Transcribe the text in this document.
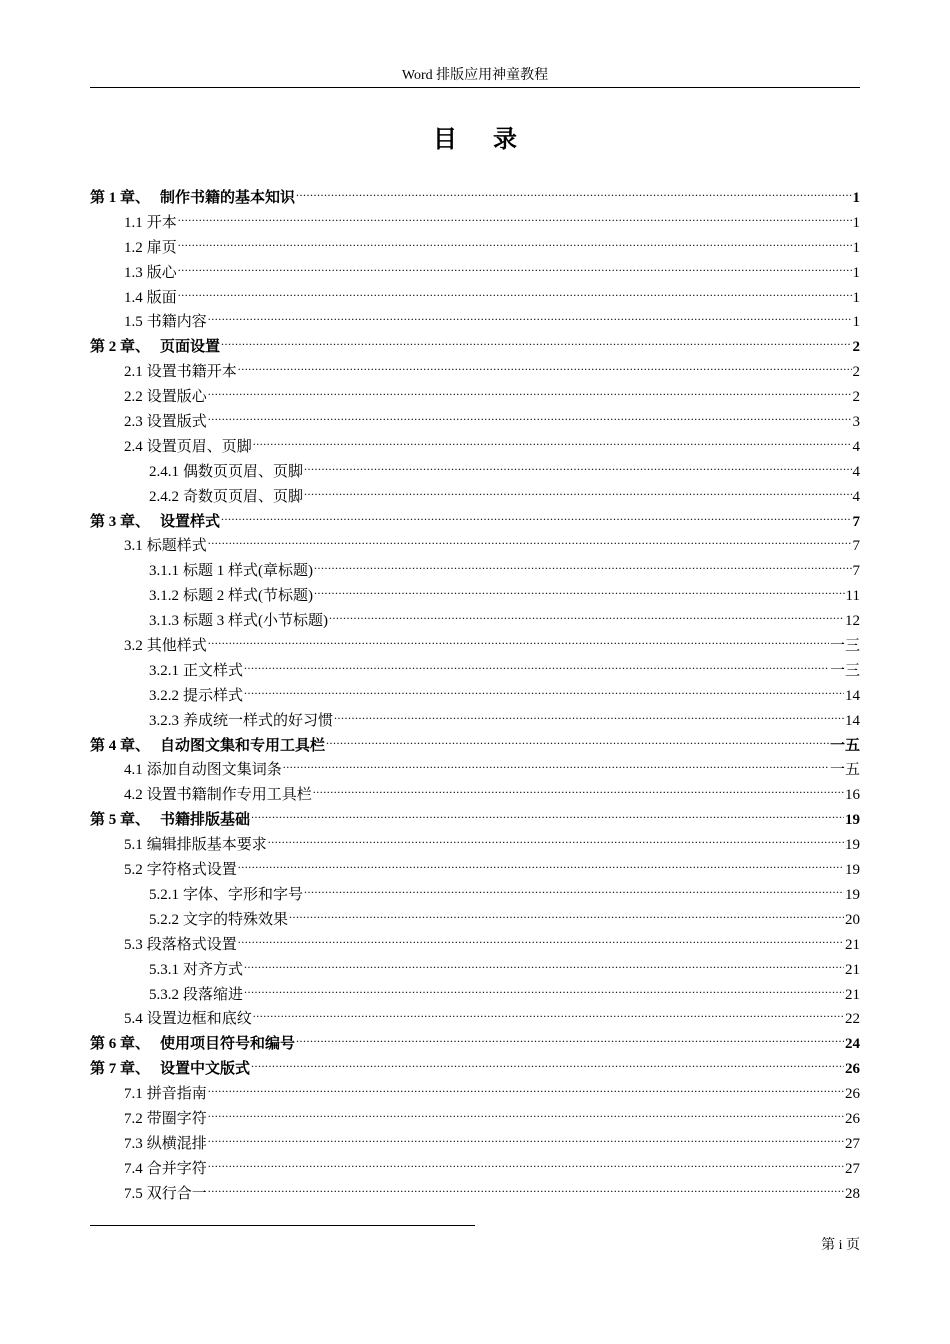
Word 排版应用神童教程
目 录
第 1 章、 制作书籍的基本知识 .....	1
1.1 开本 .....	1
1.2 扉页 .....	1
1.3 版心 .....	1
1.4 版面 .....	1
1.5 书籍内容 .....	1
第 2 章、 页面设置 .....	2
2.1 设置书籍开本 .....	2
2.2 设置版心 .....	2
2.3 设置版式 .....	3
2.4 设置页眉、页脚 .....	4
2.4.1 偶数页页眉、页脚 .....	4
2.4.2 奇数页页眉、页脚 .....	4
第 3 章、 设置样式 .....	7
3.1 标题样式 .....	7
3.1.1 标题 1 样式(章标题) .....	7
3.1.2 标题 2 样式(节标题) .....	11
3.1.3 标题 3 样式(小节标题) .....	12
3.2 其他样式 .....	一三
3.2.1 正文样式 .....	一三
3.2.2 提示样式 .....	14
3.2.3 养成统一样式的好习惯 .....	14
第 4 章、 自动图文集和专用工具栏 .....	一五
4.1 添加自动图文集词条 .....	一五
4.2 设置书籍制作专用工具栏 .....	16
第 5 章、 书籍排版基础 .....	19
5.1 编辑排版基本要求 .....	19
5.2 字符格式设置 .....	19
5.2.1 字体、字形和字号 .....	19
5.2.2 文字的特殊效果 .....	20
5.3 段落格式设置 .....	21
5.3.1 对齐方式 .....	21
5.3.2 段落缩进 .....	21
5.4 设置边框和底纹 .....	22
第 6 章、 使用项目符号和编号 .....	24
第 7 章、 设置中文版式 .....	26
7.1 拼音指南 .....	26
7.2 带圈字符 .....	26
7.3 纵横混排 .....	27
7.4 合并字符 .....	27
7.5 双行合一 .....	28
第 i 页
